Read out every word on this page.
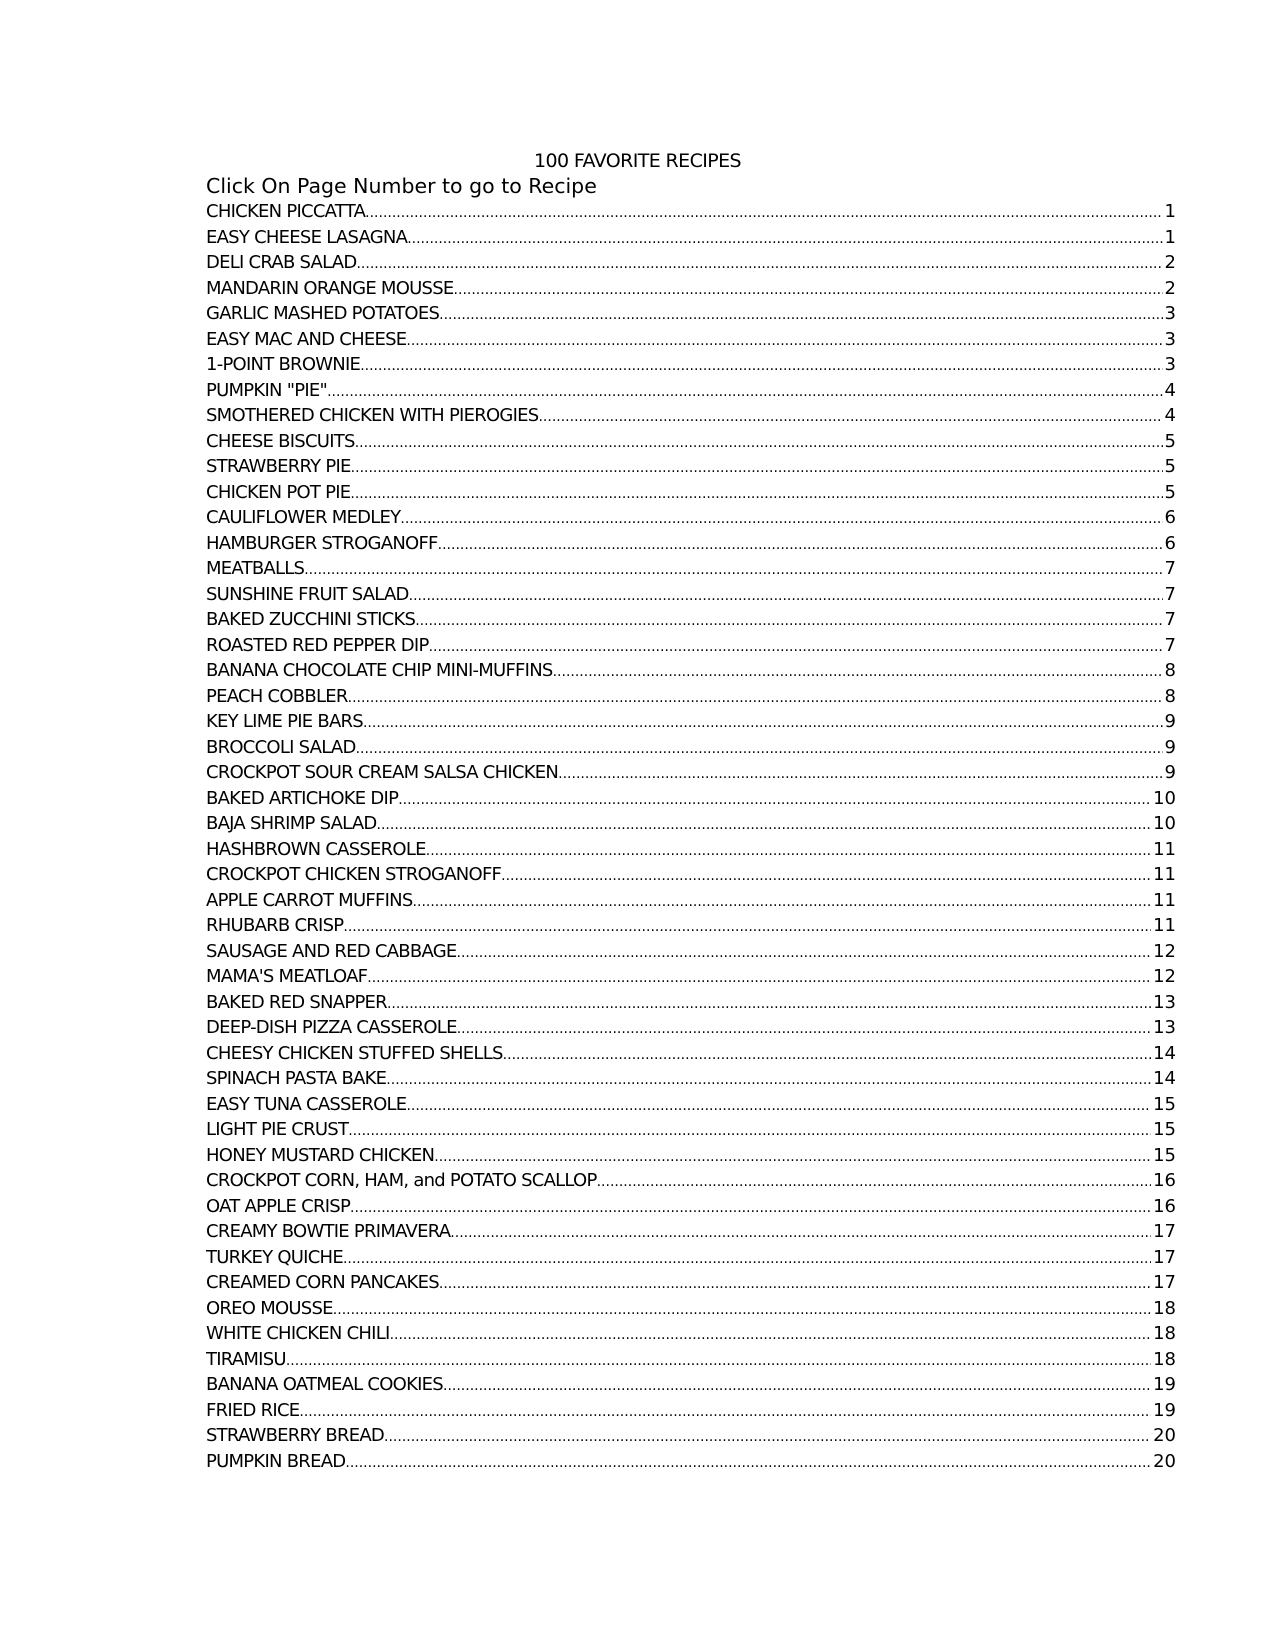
100 FAVORITE RECIPES
Click On Page Number to go to Recipe
CHICKEN PICCATTA .....	1
EASY CHEESE LASAGNA .....	1
DELI CRAB SALAD .....	2
MANDARIN ORANGE MOUSSE .....	2
GARLIC MASHED POTATOES .....	3
EASY MAC AND CHEESE .....	3
1-POINT BROWNIE .....	3
PUMPKIN "PIE" .....	4
SMOTHERED CHICKEN WITH PIEROGIES .....	4
CHEESE BISCUITS .....	5
STRAWBERRY PIE .....	5
CHICKEN POT PIE .....	5
CAULIFLOWER MEDLEY .....	6
HAMBURGER STROGANOFF .....	6
MEATBALLS .....	7
SUNSHINE FRUIT SALAD .....	7
BAKED ZUCCHINI STICKS .....	7
ROASTED RED PEPPER DIP .....	7
BANANA CHOCOLATE CHIP MINI-MUFFINS .....	8
PEACH COBBLER .....	8
KEY LIME PIE BARS .....	9
BROCCOLI SALAD .....	9
CROCKPOT SOUR CREAM SALSA CHICKEN .....	9
BAKED ARTICHOKE DIP .....	10
BAJA SHRIMP SALAD .....	10
HASHBROWN CASSEROLE .....	11
CROCKPOT CHICKEN STROGANOFF .....	11
APPLE CARROT MUFFINS .....	11
RHUBARB CRISP .....	11
SAUSAGE AND RED CABBAGE .....	12
MAMA'S MEATLOAF .....	12
BAKED RED SNAPPER .....	13
DEEP-DISH PIZZA CASSEROLE .....	13
CHEESY CHICKEN STUFFED SHELLS .....	14
SPINACH PASTA BAKE .....	14
EASY TUNA CASSEROLE .....	15
LIGHT PIE CRUST .....	15
HONEY MUSTARD CHICKEN .....	15
CROCKPOT CORN, HAM, and POTATO SCALLOP .....	16
OAT APPLE CRISP .....	16
CREAMY BOWTIE PRIMAVERA .....	17
TURKEY QUICHE .....	17
CREAMED CORN PANCAKES .....	17
OREO MOUSSE .....	18
WHITE CHICKEN CHILI .....	18
TIRAMISU .....	18
BANANA OATMEAL COOKIES .....	19
FRIED RICE .....	19
STRAWBERRY BREAD .....	20
PUMPKIN BREAD .....	20
